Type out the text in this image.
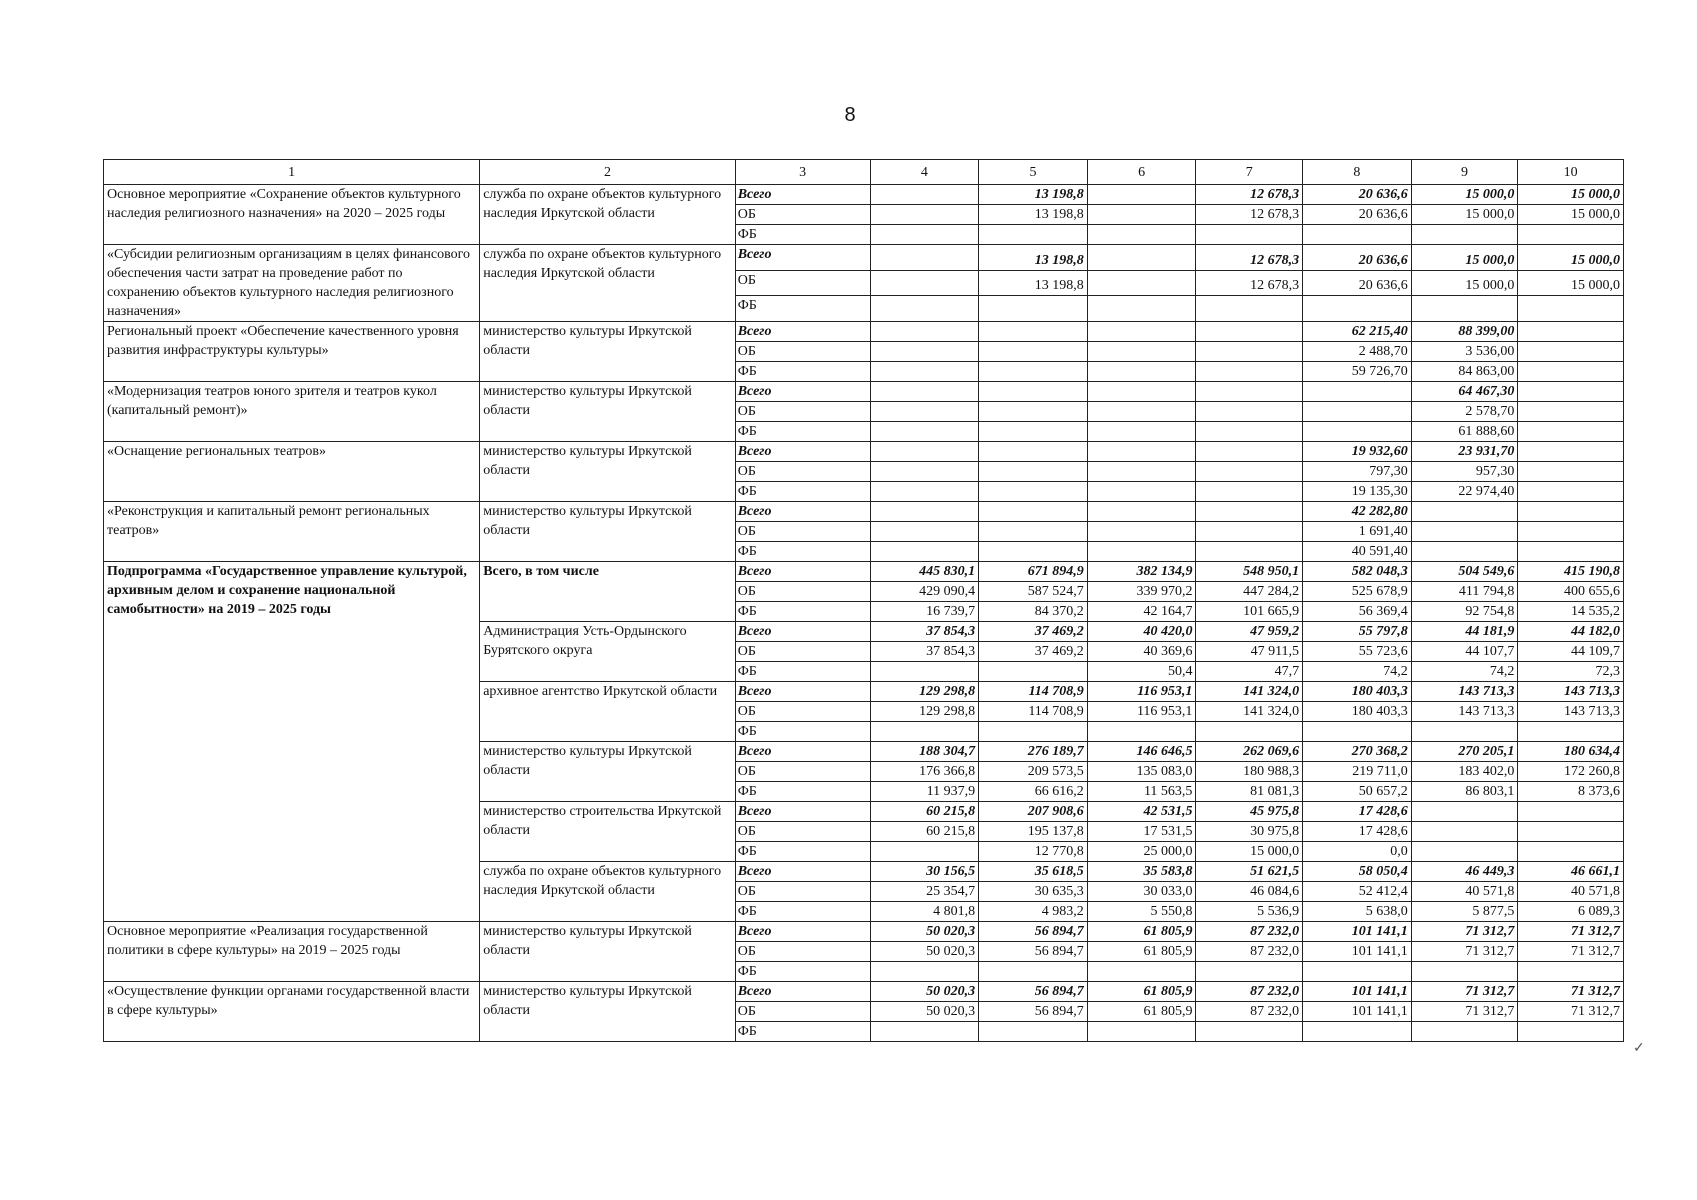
8
1	2	3	4	5	6	7	8	9	10
Основное мероприятие «Сохранение объектов культурного наследия религиозного назначения» на 2020 – 2025 годы	служба по охране объектов культурного наследия Иркутской области	Всего		13 198,8		12 678,3	20 636,6	15 000,0	15 000,0
		ОБ		13 198,8		12 678,3	20 636,6	15 000,0	15 000,0
		ФБ							
«Субсидии религиозным организациям в целях финансового обеспечения части затрат на проведение работ по сохранению объектов культурного наследия религиозного назначения»	служба по охране объектов культурного наследия Иркутской области	Всего		13 198,8		12 678,3	20 636,6	15 000,0	15 000,0
		ОБ		13 198,8		12 678,3	20 636,6	15 000,0	15 000,0
		ФБ							
Региональный проект «Обеспечение качественного уровня развития инфраструктуры культуры»	министерство культуры Иркутской области	Всего					62 215,40	88 399,00	
		ОБ					2 488,70	3 536,00	
		ФБ					59 726,70	84 863,00	
«Модернизация театров юного зрителя и театров кукол (капитальный ремонт)»	министерство культуры Иркутской области	Всего						64 467,30	
		ОБ						2 578,70	
		ФБ						61 888,60	
«Оснащение региональных театров»	министерство культуры Иркутской области	Всего					19 932,60	23 931,70	
		ОБ					797,30	957,30	
		ФБ					19 135,30	22 974,40	
«Реконструкция и капитальный ремонт региональных театров»	министерство культуры Иркутской области	Всего					42 282,80		
		ОБ					1 691,40		
		ФБ					40 591,40		
Подпрограмма «Государственное управление культурой, архивным делом и сохранение национальной самобытности» на 2019 – 2025 годы	Всего, в том числе	Всего	445 830,1	671 894,9	382 134,9	548 950,1	582 048,3	504 549,6	415 190,8
		ОБ	429 090,4	587 524,7	339 970,2	447 284,2	525 678,9	411 794,8	400 655,6
		ФБ	16 739,7	84 370,2	42 164,7	101 665,9	56 369,4	92 754,8	14 535,2
	Администрация Усть-Ордынского Бурятского округа	Всего	37 854,3	37 469,2	40 420,0	47 959,2	55 797,8	44 181,9	44 182,0
		ОБ	37 854,3	37 469,2	40 369,6	47 911,5	55 723,6	44 107,7	44 109,7
		ФБ			50,4	47,7	74,2	74,2	72,3
	архивное агентство Иркутской области	Всего	129 298,8	114 708,9	116 953,1	141 324,0	180 403,3	143 713,3	143 713,3
		ОБ	129 298,8	114 708,9	116 953,1	141 324,0	180 403,3	143 713,3	143 713,3
		ФБ							
	министерство культуры Иркутской области	Всего	188 304,7	276 189,7	146 646,5	262 069,6	270 368,2	270 205,1	180 634,4
		ОБ	176 366,8	209 573,5	135 083,0	180 988,3	219 711,0	183 402,0	172 260,8
		ФБ	11 937,9	66 616,2	11 563,5	81 081,3	50 657,2	86 803,1	8 373,6
	министерство строительства Иркутской области	Всего	60 215,8	207 908,6	42 531,5	45 975,8	17 428,6		
		ОБ	60 215,8	195 137,8	17 531,5	30 975,8	17 428,6		
		ФБ		12 770,8	25 000,0	15 000,0	0,0		
	служба по охране объектов культурного наследия Иркутской области	Всего	30 156,5	35 618,5	35 583,8	51 621,5	58 050,4	46 449,3	46 661,1
		ОБ	25 354,7	30 635,3	30 033,0	46 084,6	52 412,4	40 571,8	40 571,8
		ФБ	4 801,8	4 983,2	5 550,8	5 536,9	5 638,0	5 877,5	6 089,3
Основное мероприятие «Реализация государственной политики в сфере культуры» на 2019 – 2025 годы	министерство культуры Иркутской области	Всего	50 020,3	56 894,7	61 805,9	87 232,0	101 141,1	71 312,7	71 312,7
		ОБ	50 020,3	56 894,7	61 805,9	87 232,0	101 141,1	71 312,7	71 312,7
		ФБ							
«Осуществление функции органами государственной власти в сфере культуры»	министерство культуры Иркутской области	Всего	50 020,3	56 894,7	61 805,9	87 232,0	101 141,1	71 312,7	71 312,7
		ОБ	50 020,3	56 894,7	61 805,9	87 232,0	101 141,1	71 312,7	71 312,7
		ФБ							
✓
